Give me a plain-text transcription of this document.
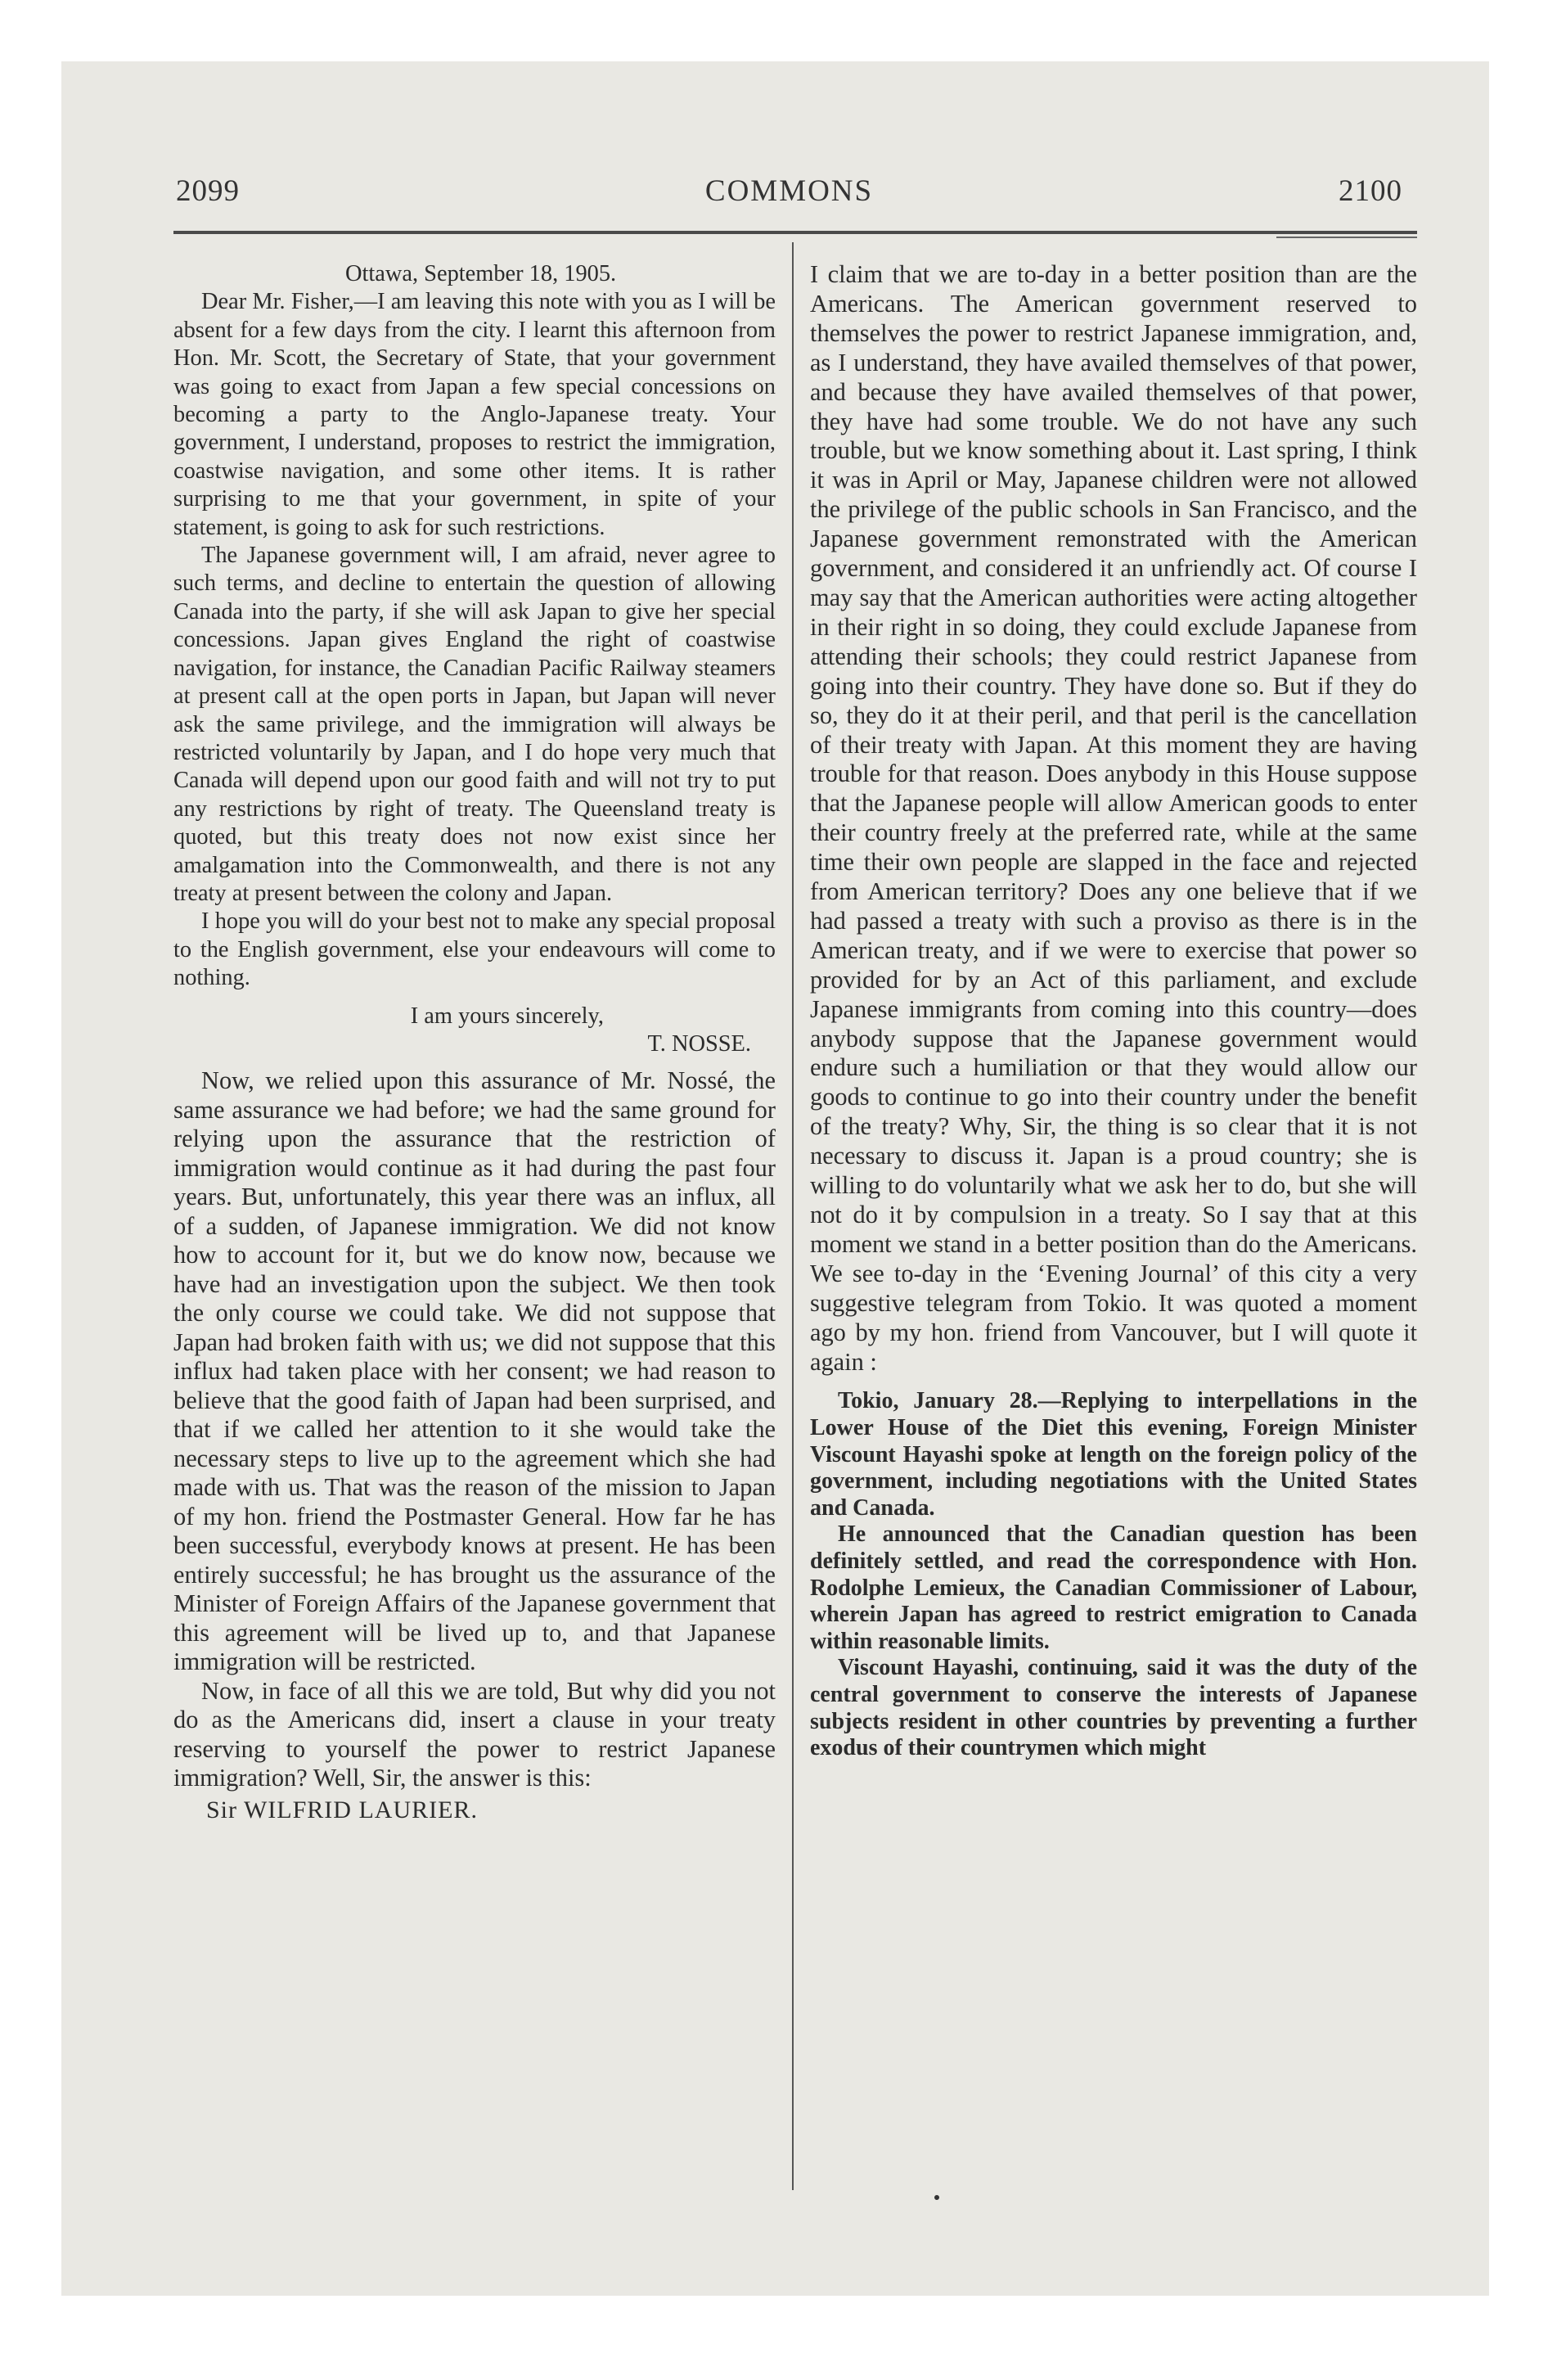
2099	COMMONS	2100

Ottawa, September 18, 1905.

Dear Mr. Fisher,—I am leaving this note with you as I will be absent for a few days from the city. I learnt this afternoon from Hon. Mr. Scott, the Secretary of State, that your government was going to exact from Japan a few special concessions on becoming a party to the Anglo-Japanese treaty. Your government, I understand, proposes to restrict the immigration, coastwise navigation, and some other items. It is rather surprising to me that your government, in spite of your statement, is going to ask for such restrictions.

The Japanese government will, I am afraid, never agree to such terms, and decline to entertain the question of allowing Canada into the party, if she will ask Japan to give her special concessions. Japan gives England the right of coastwise navigation, for instance, the Canadian Pacific Railway steamers at present call at the open ports in Japan, but Japan will never ask the same privilege, and the immigration will always be restricted voluntarily by Japan, and I do hope very much that Canada will depend upon our good faith and will not try to put any restrictions by right of treaty. The Queensland treaty is quoted, but this treaty does not now exist since her amalgamation into the Commonwealth, and there is not any treaty at present between the colony and Japan.

I hope you will do your best not to make any special proposal to the English government, else your endeavours will come to nothing.

I am yours sincerely,

T. NOSSE.

Now, we relied upon this assurance of Mr. Nossé, the same assurance we had before; we had the same ground for relying upon the assurance that the restriction of immigration would continue as it had during the past four years. But, unfortunately, this year there was an influx, all of a sudden, of Japanese immigration. We did not know how to account for it, but we do know now, because we have had an investigation upon the subject. We then took the only course we could take. We did not suppose that Japan had broken faith with us; we did not suppose that this influx had taken place with her consent; we had reason to believe that the good faith of Japan had been surprised, and that if we called her attention to it she would take the necessary steps to live up to the agreement which she had made with us. That was the reason of the mission to Japan of my hon. friend the Postmaster General. How far he has been successful, everybody knows at present. He has been entirely successful; he has brought us the assurance of the Minister of Foreign Affairs of the Japanese government that this agreement will be lived up to, and that Japanese immigration will be restricted.

Now, in face of all this we are told, But why did you not do as the Americans did, insert a clause in your treaty reserving to yourself the power to restrict Japanese immigration? Well, Sir, the answer is this:

Sir WILFRID LAURIER.

I claim that we are to-day in a better position than are the Americans. The American government reserved to themselves the power to restrict Japanese immigration, and, as I understand, they have availed themselves of that power, and because they have availed themselves of that power, they have had some trouble. We do not have any such trouble, but we know something about it. Last spring, I think it was in April or May, Japanese children were not allowed the privilege of the public schools in San Francisco, and the Japanese government remonstrated with the American government, and considered it an unfriendly act. Of course I may say that the American authorities were acting altogether in their right in so doing, they could exclude Japanese from attending their schools; they could restrict Japanese from going into their country. They have done so. But if they do so, they do it at their peril, and that peril is the cancellation of their treaty with Japan. At this moment they are having trouble for that reason. Does anybody in this House suppose that the Japanese people will allow American goods to enter their country freely at the preferred rate, while at the same time their own people are slapped in the face and rejected from American territory? Does any one believe that if we had passed a treaty with such a proviso as there is in the American treaty, and if we were to exercise that power so provided for by an Act of this parliament, and exclude Japanese immigrants from coming into this country—does anybody suppose that the Japanese government would endure such a humiliation or that they would allow our goods to continue to go into their country under the benefit of the treaty? Why, Sir, the thing is so clear that it is not necessary to discuss it. Japan is a proud country; she is willing to do voluntarily what we ask her to do, but she will not do it by compulsion in a treaty. So I say that at this moment we stand in a better position than do the Americans. We see to-day in the ‘Evening Journal’ of this city a very suggestive telegram from Tokio. It was quoted a moment ago by my hon. friend from Vancouver, but I will quote it again :

Tokio, January 28.—Replying to interpellations in the Lower House of the Diet this evening, Foreign Minister Viscount Hayashi spoke at length on the foreign policy of the government, including negotiations with the United States and Canada.

He announced that the Canadian question has been definitely settled, and read the correspondence with Hon. Rodolphe Lemieux, the Canadian Commissioner of Labour, wherein Japan has agreed to restrict emigration to Canada within reasonable limits.

Viscount Hayashi, continuing, said it was the duty of the central government to conserve the interests of Japanese subjects resident in other countries by preventing a further exodus of their countrymen which might
